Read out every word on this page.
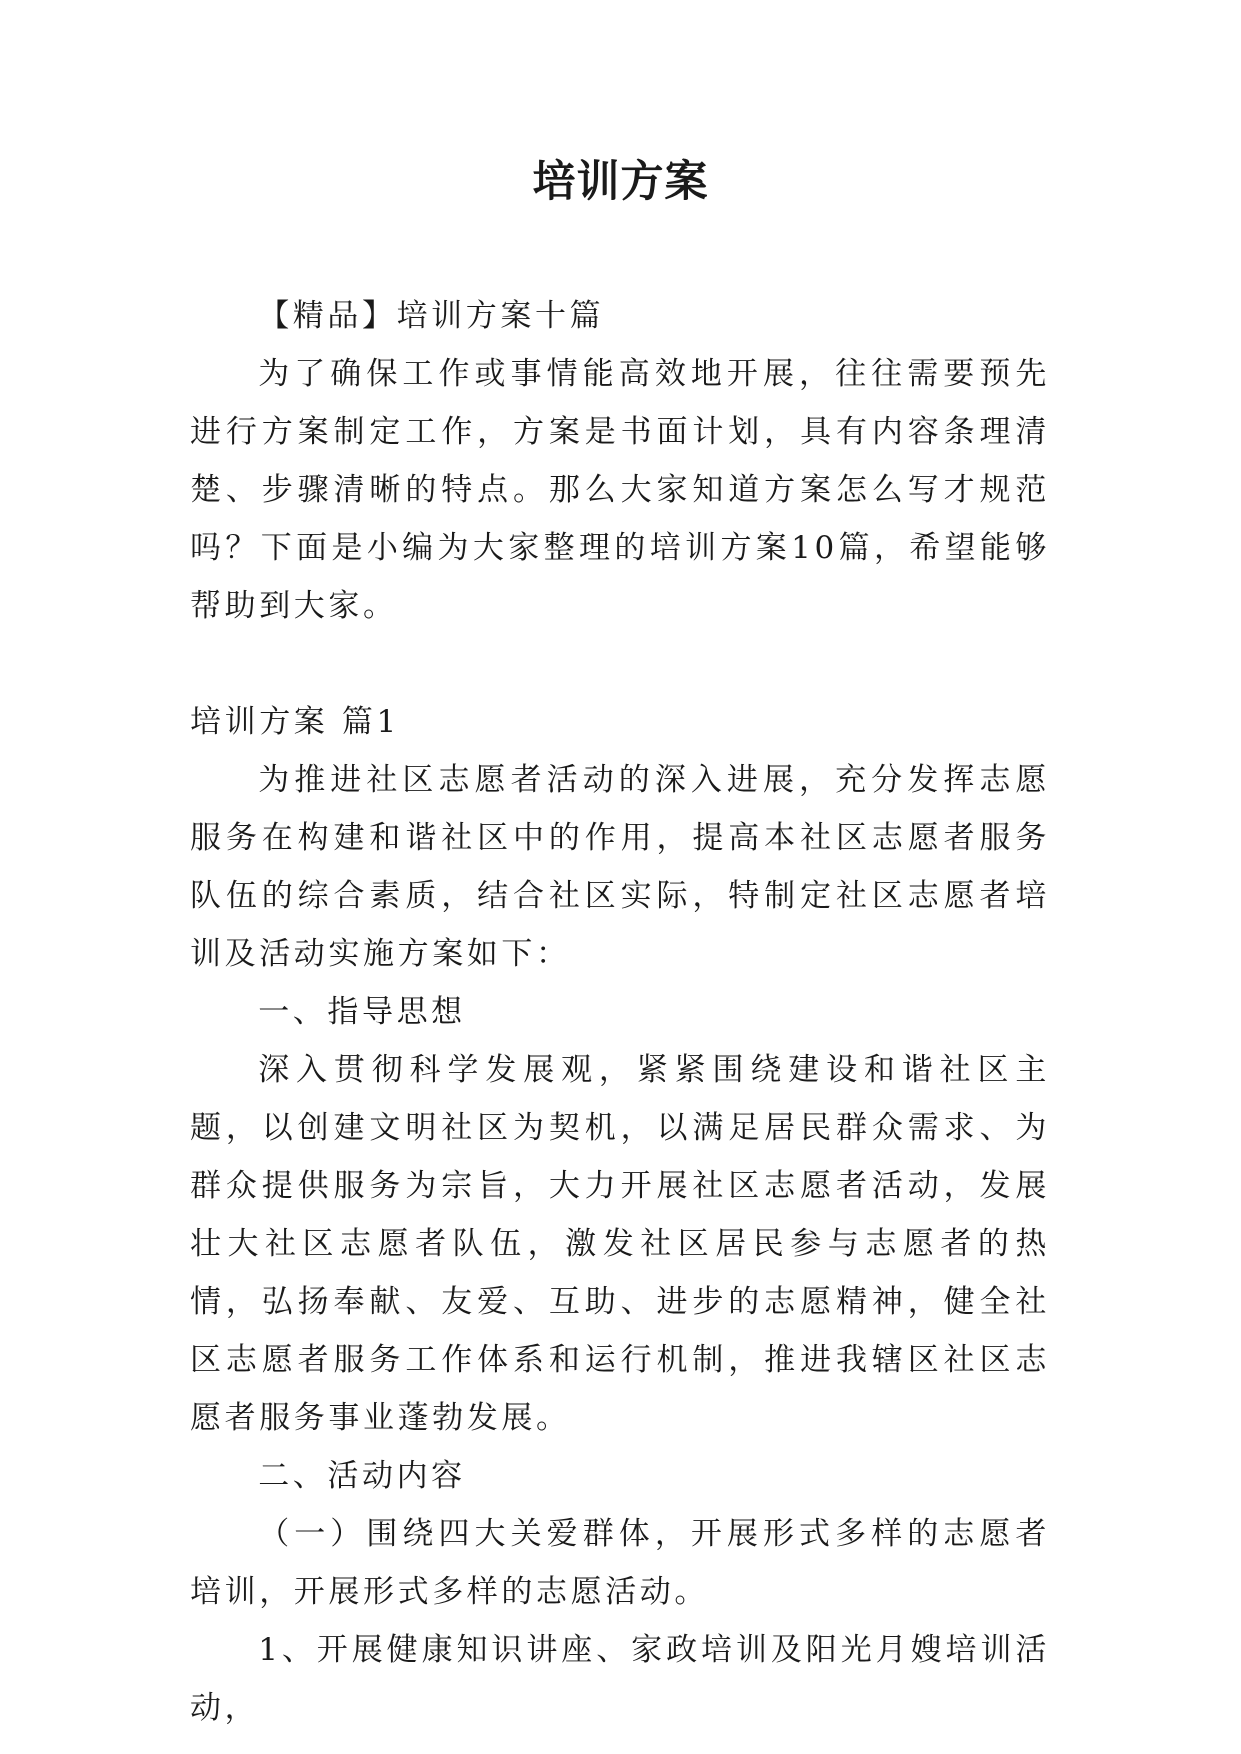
培训方案

【精品】培训方案十篇

为了确保工作或事情能高效地开展，往往需要预先进行方案制定工作，方案是书面计划，具有内容条理清楚、步骤清晰的特点。那么大家知道方案怎么写才规范吗？下面是小编为大家整理的培训方案10篇，希望能够帮助到大家。

培训方案 篇1

为推进社区志愿者活动的深入进展，充分发挥志愿服务在构建和谐社区中的作用，提高本社区志愿者服务队伍的综合素质，结合社区实际，特制定社区志愿者培训及活动实施方案如下：

一、指导思想

深入贯彻科学发展观，紧紧围绕建设和谐社区主题，以创建文明社区为契机，以满足居民群众需求、为群众提供服务为宗旨，大力开展社区志愿者活动，发展壮大社区志愿者队伍，激发社区居民参与志愿者的热情，弘扬奉献、友爱、互助、进步的志愿精神，健全社区志愿者服务工作体系和运行机制，推进我辖区社区志愿者服务事业蓬勃发展。

二、活动内容

（一）围绕四大关爱群体，开展形式多样的志愿者培训，开展形式多样的志愿活动。

1、开展健康知识讲座、家政培训及阳光月嫂培训活动，
